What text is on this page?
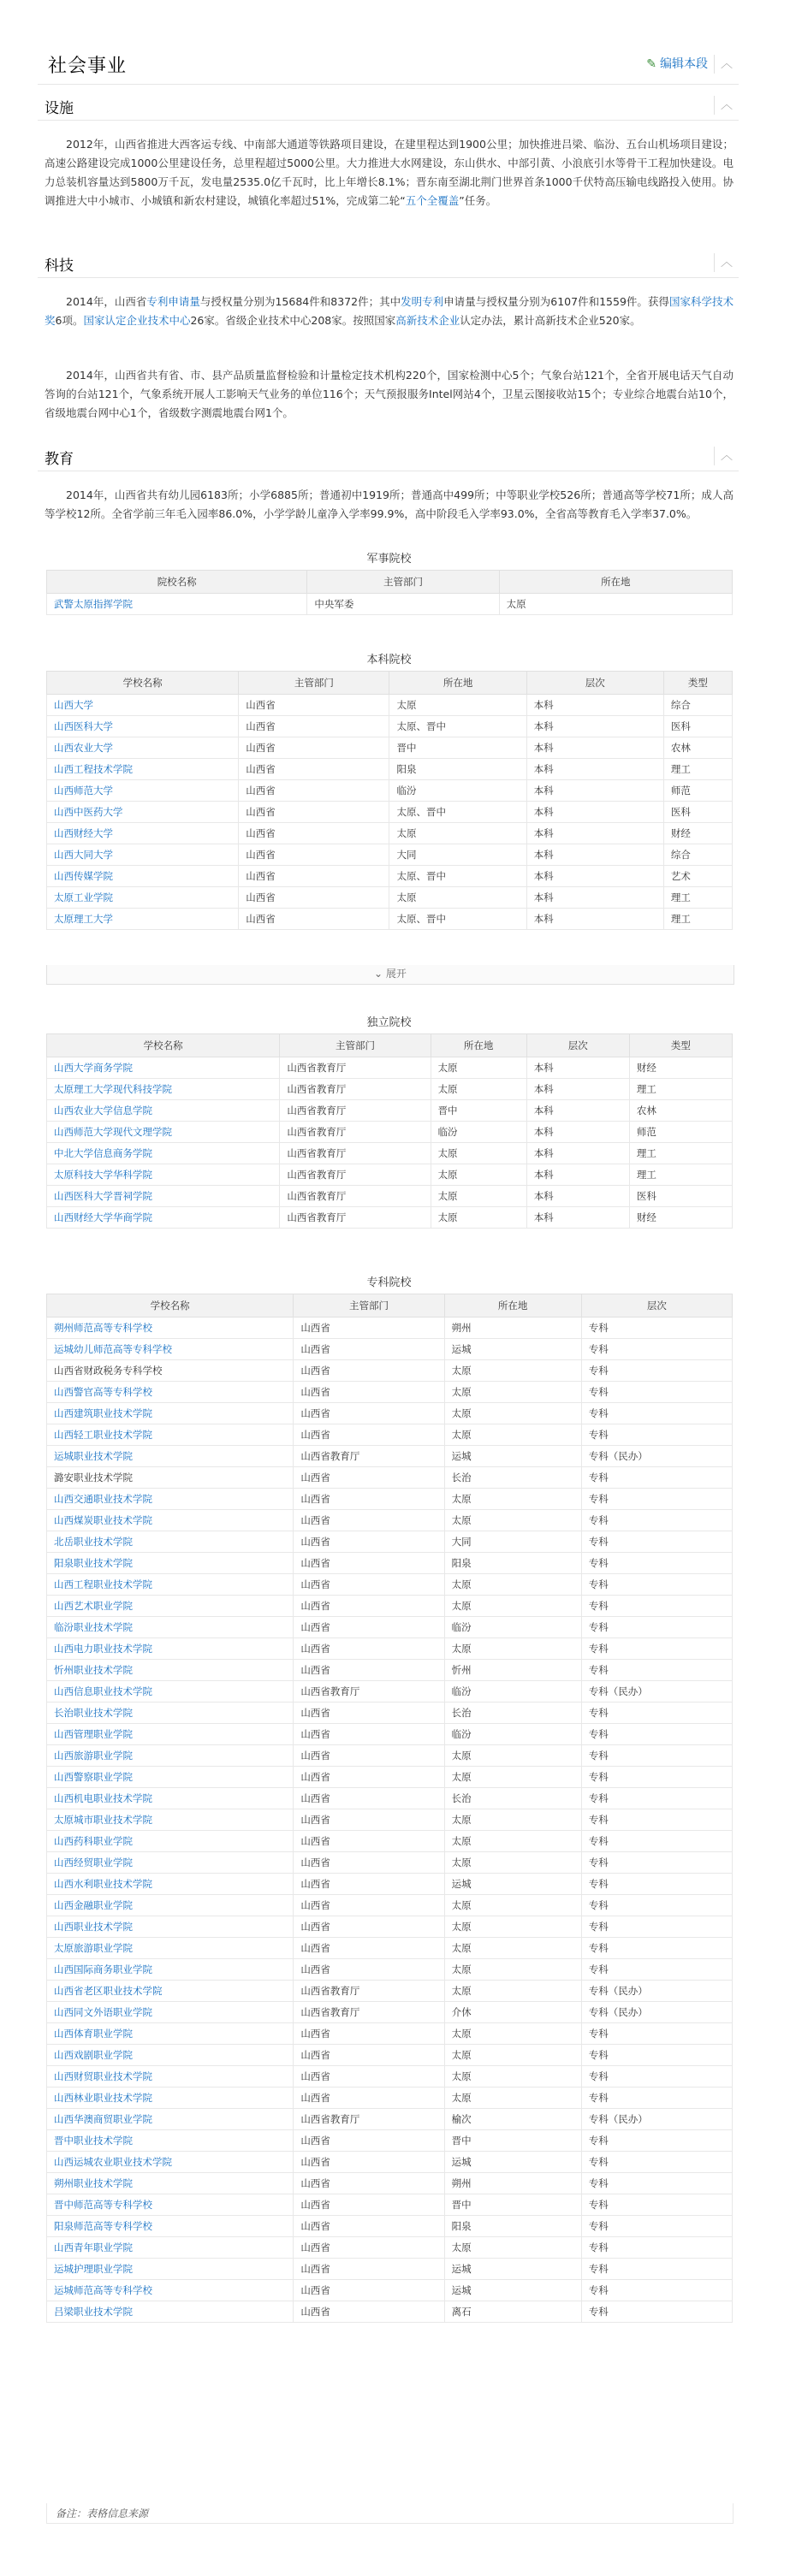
社会事业	✎ 编辑本段	︿
设施	︿
2012年，山西省推进大西客运专线、中南部大通道等铁路项目建设，在建里程达到1900公里；加快推进吕梁、临汾、五台山机场项目建设；高速公路建设完成1000公里建设任务，总里程超过5000公里。大力推进大水网建设，东山供水、中部引黄、小浪底引水等骨干工程加快建设。电力总装机容量达到5800万千瓦，发电量2535.0亿千瓦时，比上年增长8.1%；晋东南至湖北荆门世界首条1000千伏特高压输电线路投入使用。协调推进大中小城市、小城镇和新农村建设，城镇化率超过51%，完成第二轮“五个全覆盖”任务。
科技	︿
2014年，山西省专利申请量与授权量分别为15684件和8372件；其中发明专利申请量与授权量分别为6107件和1559件。获得国家科学技术奖6项。国家认定企业技术中心26家。省级企业技术中心208家。按照国家高新技术企业认定办法，累计高新技术企业520家。
2014年，山西省共有省、市、县产品质量监督检验和计量检定技术机构220个，国家检测中心5个；气象台站121个，全省开展电话天气自动答询的台站121个，气象系统开展人工影响天气业务的单位116个；天气预报服务Intel网站4个，卫星云图接收站15个；专业综合地震台站10个，省级地震台网中心1个，省级数字测震地震台网1个。
教育	︿
2014年，山西省共有幼儿园6183所；小学6885所；普通初中1919所；普通高中499所；中等职业学校526所；普通高等学校71所；成人高等学校12所。全省学前三年毛入园率86.0%，小学学龄儿童净入学率99.9%，高中阶段毛入学率93.0%，全省高等教育毛入学率37.0%。
军事院校
院校名称	主管部门	所在地
武警太原指挥学院	中央军委	太原
本科院校
学校名称	主管部门	所在地	层次	类型
山西大学	山西省	太原	本科	综合
山西医科大学	山西省	太原、晋中	本科	医科
山西农业大学	山西省	晋中	本科	农林
山西工程技术学院	山西省	阳泉	本科	理工
山西师范大学	山西省	临汾	本科	师范
山西中医药大学	山西省	太原、晋中	本科	医科
山西财经大学	山西省	太原	本科	财经
山西大同大学	山西省	大同	本科	综合
山西传媒学院	山西省	太原、晋中	本科	艺术
太原工业学院	山西省	太原	本科	理工
太原理工大学	山西省	太原、晋中	本科	理工
⌄ 展开
独立院校
学校名称	主管部门	所在地	层次	类型
山西大学商务学院	山西省教育厅	太原	本科	财经
太原理工大学现代科技学院	山西省教育厅	太原	本科	理工
山西农业大学信息学院	山西省教育厅	晋中	本科	农林
山西师范大学现代文理学院	山西省教育厅	临汾	本科	师范
中北大学信息商务学院	山西省教育厅	太原	本科	理工
太原科技大学华科学院	山西省教育厅	太原	本科	理工
山西医科大学晋祠学院	山西省教育厅	太原	本科	医科
山西财经大学华商学院	山西省教育厅	太原	本科	财经
专科院校
学校名称	主管部门	所在地	层次
朔州师范高等专科学校	山西省	朔州	专科
运城幼儿师范高等专科学校	山西省	运城	专科
山西省财政税务专科学校	山西省	太原	专科
山西警官高等专科学校	山西省	太原	专科
山西建筑职业技术学院	山西省	太原	专科
山西轻工职业技术学院	山西省	太原	专科
运城职业技术学院	山西省教育厅	运城	专科（民办）
潞安职业技术学院	山西省	长治	专科
山西交通职业技术学院	山西省	太原	专科
山西煤炭职业技术学院	山西省	太原	专科
北岳职业技术学院	山西省	大同	专科
阳泉职业技术学院	山西省	阳泉	专科
山西工程职业技术学院	山西省	太原	专科
山西艺术职业学院	山西省	太原	专科
临汾职业技术学院	山西省	临汾	专科
山西电力职业技术学院	山西省	太原	专科
忻州职业技术学院	山西省	忻州	专科
山西信息职业技术学院	山西省教育厅	临汾	专科（民办）
长治职业技术学院	山西省	长治	专科
山西管理职业学院	山西省	临汾	专科
山西旅游职业学院	山西省	太原	专科
山西警察职业学院	山西省	太原	专科
山西机电职业技术学院	山西省	长治	专科
太原城市职业技术学院	山西省	太原	专科
山西药科职业学院	山西省	太原	专科
山西经贸职业学院	山西省	太原	专科
山西水利职业技术学院	山西省	运城	专科
山西金融职业学院	山西省	太原	专科
山西职业技术学院	山西省	太原	专科
太原旅游职业学院	山西省	太原	专科
山西国际商务职业学院	山西省	太原	专科
山西省老区职业技术学院	山西省教育厅	太原	专科（民办）
山西同文外语职业学院	山西省教育厅	介休	专科（民办）
山西体育职业学院	山西省	太原	专科
山西戏剧职业学院	山西省	太原	专科
山西财贸职业技术学院	山西省	太原	专科
山西林业职业技术学院	山西省	太原	专科
山西华澳商贸职业学院	山西省教育厅	榆次	专科（民办）
晋中职业技术学院	山西省	晋中	专科
山西运城农业职业技术学院	山西省	运城	专科
朔州职业技术学院	山西省	朔州	专科
晋中师范高等专科学校	山西省	晋中	专科
阳泉师范高等专科学校	山西省	阳泉	专科
山西青年职业学院	山西省	太原	专科
运城护理职业学院	山西省	运城	专科
运城师范高等专科学校	山西省	运城	专科
吕梁职业技术学院	山西省	离石	专科
备注：表格信息来源
